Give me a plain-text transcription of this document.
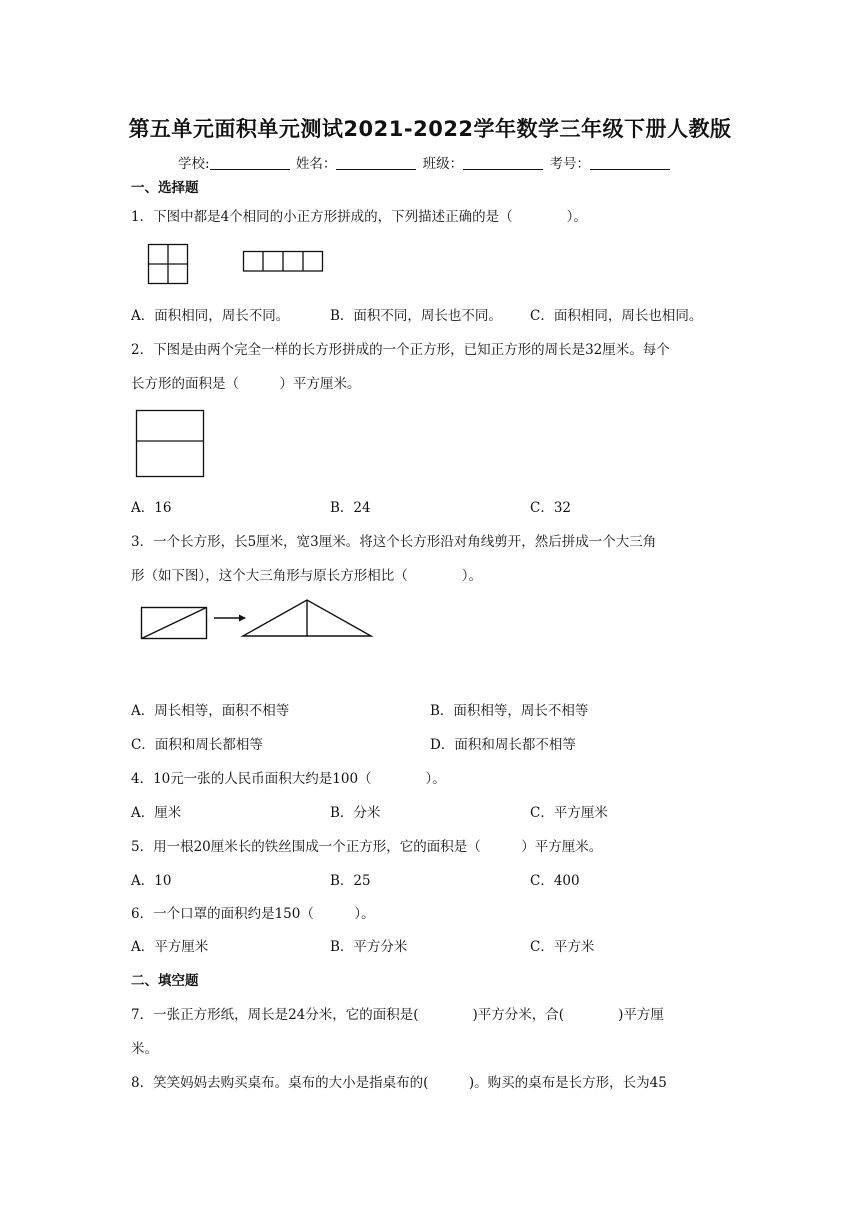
第五单元面积单元测试2021-2022学年数学三年级下册人教版
学校:	姓名：	班级：	考号：
一、选择题
1．下图中都是4个相同的小正方形拼成的，下列描述正确的是（　　　　）。
A．面积相同，周长不同。	B．面积不同，周长也不同。 C．面积相同，周长也相同。
2．下图是由两个完全一样的长方形拼成的一个正方形，已知正方形的周长是32厘米。每个
长方形的面积是（　　　）平方厘米。
A．16	B．24	C．32
3．一个长方形，长5厘米，宽3厘米。将这个长方形沿对角线剪开，然后拼成一个大三角
形（如下图），这个大三角形与原长方形相比（　　　　）。
A．周长相等，面积不相等	B．面积相等，周长不相等
C．面积和周长都相等	D．面积和周长都不相等
4．10元一张的人民币面积大约是100（　　　　）。
A．厘米	B．分米	C．平方厘米
5．用一根20厘米长的铁丝围成一个正方形，它的面积是（　　　）平方厘米。
A．10	B．25	C．400
6．一个口罩的面积约是150（　　　）。
A．平方厘米	B．平方分米	C．平方米
二、填空题
7．一张正方形纸，周长是24分米，它的面积是(　　　　)平方分米，合(　　　　)平方厘
米。
8．笑笑妈妈去购买桌布。桌布的大小是指桌布的(　　　)。购买的桌布是长方形，长为45
